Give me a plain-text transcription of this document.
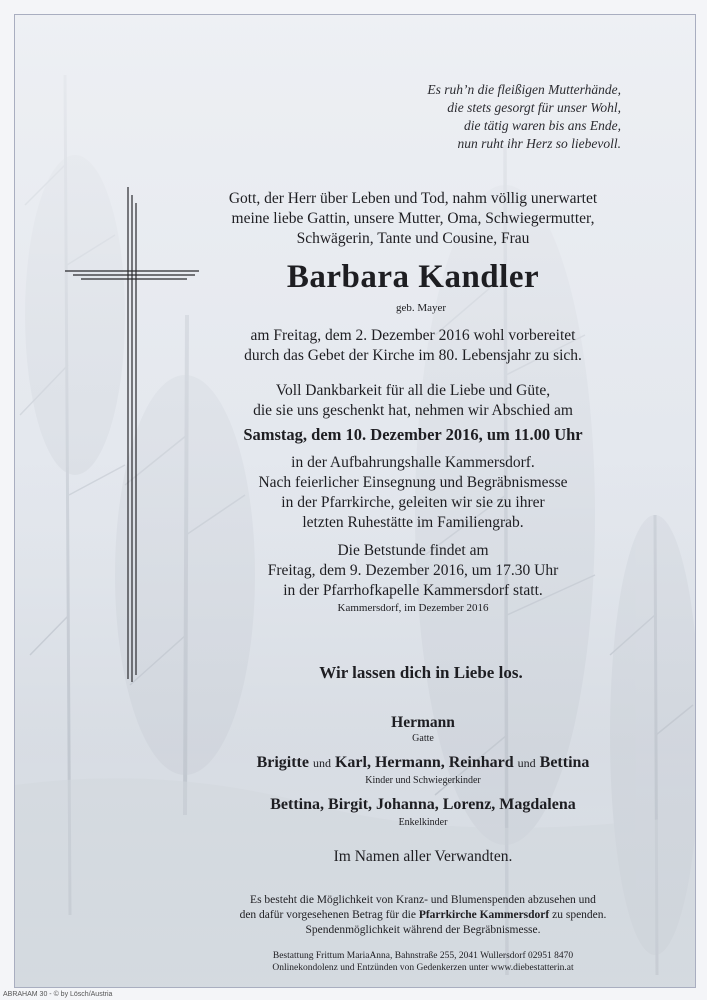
Es ruh’n die fleißigen Mutterhände,
die stets gesorgt für unser Wohl,
die tätig waren bis ans Ende,
nun ruht ihr Herz so liebevoll.
Gott, der Herr über Leben und Tod, nahm völlig unerwartet
meine liebe Gattin, unsere Mutter, Oma, Schwiegermutter,
Schwägerin, Tante und Cousine, Frau
Barbara Kandler
geb. Mayer
am Freitag, dem 2. Dezember 2016 wohl vorbereitet
durch das Gebet der Kirche im 80. Lebensjahr zu sich.
Voll Dankbarkeit für all die Liebe und Güte,
die sie uns geschenkt hat, nehmen wir Abschied am
Samstag, dem 10. Dezember 2016, um 11.00 Uhr
in der Aufbahrungshalle Kammersdorf.
Nach feierlicher Einsegnung und Begräbnismesse
in der Pfarrkirche, geleiten wir sie zu ihrer
letzten Ruhestätte im Familiengrab.
Die Betstunde findet am
Freitag, dem 9. Dezember 2016, um 17.30 Uhr
in der Pfarrhofkapelle Kammersdorf statt.
Kammersdorf, im Dezember 2016
Wir lassen dich in Liebe los.
Hermann
Gatte
Brigitte und Karl, Hermann, Reinhard und Bettina
Kinder und Schwiegerkinder
Bettina, Birgit, Johanna, Lorenz, Magdalena
Enkelkinder
Im Namen aller Verwandten.
Es besteht die Möglichkeit von Kranz- und Blumenspenden abzusehen und
den dafür vorgesehenen Betrag für die Pfarrkirche Kammersdorf zu spenden.
Spendenmöglichkeit während der Begräbnismesse.
Bestattung Frittum MariaAnna, Bahnstraße 255, 2041 Wullersdorf 02951 8470
Onlinekondolenz und Entzünden von Gedenkerzen unter www.diebestatterin.at
ABRAHAM 30 - © by Lösch/Austria
